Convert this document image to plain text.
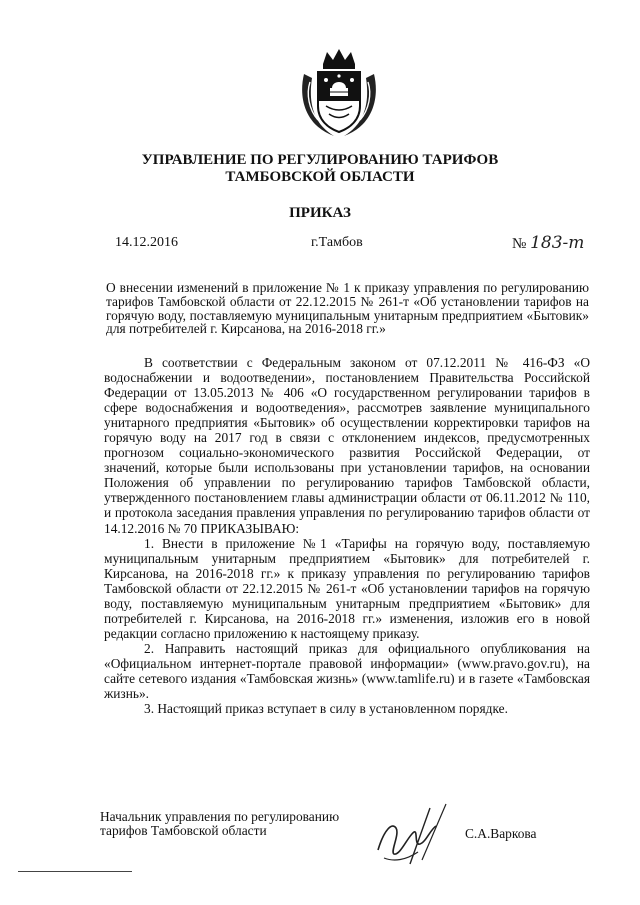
УПРАВЛЕНИЕ ПО РЕГУЛИРОВАНИЮ ТАРИФОВ
ТАМБОВСКОЙ ОБЛАСТИ
ПРИКАЗ
14.12.2016	г.Тамбов	№ 183-т
О внесении изменений в приложение № 1 к приказу управления по регулированию тарифов Тамбовской области от 22.12.2015 № 261-т «Об установлении тарифов на горячую воду, поставляемую муниципальным унитарным предприятием «Бытовик» для потребителей г. Кирсанова, на 2016-2018 гг.»

В соответствии с Федеральным законом от 07.12.2011 № 416-ФЗ «О водоснабжении и водоотведении», постановлением Правительства Российской Федерации от 13.05.2013 № 406 «О государственном регулировании тарифов в сфере водоснабжения и водоотведения», рассмотрев заявление муниципального унитарного предприятия «Бытовик» об осуществлении корректировки тарифов на горячую воду на 2017 год в связи с отклонением индексов, предусмотренных прогнозом социально-экономического развития Российской Федерации, от значений, которые были использованы при установлении тарифов, на основании Положения об управлении по регулированию тарифов Тамбовской области, утвержденного постановлением главы администрации области от 06.11.2012 № 110, и протокола заседания правления управления по регулированию тарифов области от 14.12.2016 № 70 ПРИКАЗЫВАЮ:

1. Внести в приложение №1 «Тарифы на горячую воду, поставляемую муниципальным унитарным предприятием «Бытовик» для потребителей г. Кирсанова, на 2016-2018 гг.» к приказу управления по регулированию тарифов Тамбовской области от 22.12.2015 № 261-т «Об установлении тарифов на горячую воду, поставляемую муниципальным унитарным предприятием «Бытовик» для потребителей г. Кирсанова, на 2016-2018 гг.» изменения, изложив его в новой редакции согласно приложению к настоящему приказу.

2. Направить настоящий приказ для официального опубликования на «Официальном интернет-портале правовой информации» (www.pravo.gov.ru), на сайте сетевого издания «Тамбовская жизнь» (www.tamlife.ru) и в газете «Тамбовская жизнь».

3. Настоящий приказ вступает в силу в установленном порядке.

Начальник управления по регулированию
тарифов Тамбовской области	С.А.Варкова
